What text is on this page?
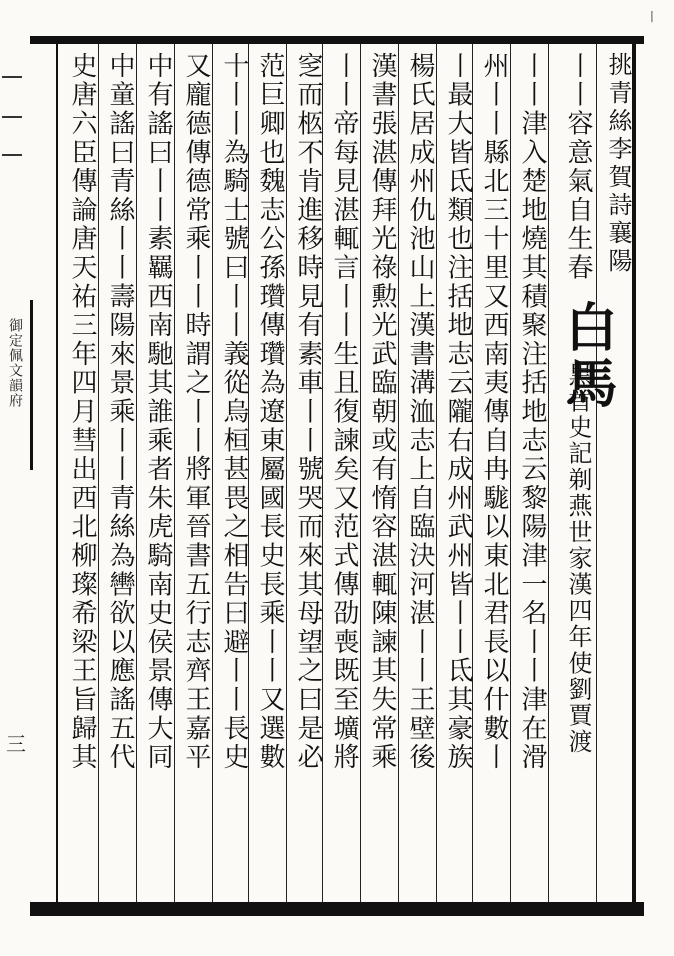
御定佩文韻府
三
丨
挑青絲李賀詩襄陽
白馬
黒首史記剃燕世家漢四年使劉賈渡
丨丨容意氣自生春
丨丨津入楚地燒其積聚注括地志云黎陽津一名丨丨津在滑
州丨丨縣北三十里又西南夷傳自冉駹以東北君長以什數丨
丨最大皆氐類也注括地志云隴右成州武州皆丨丨氐其豪族
楊氏居成州仇池山上漢書溝洫志上自臨決河湛丨丨王壁後
漢書張湛傳拜光祿勲光武臨朝或有惰容湛輒陳諫其失常乘
丨丨帝每見湛輒言丨丨生且復諫矣又范式傳劭喪既至壙將
窆而柩不肯進移時見有素車丨丨號哭而來其母望之曰是必
范巨卿也魏志公孫瓚傳瓚為遼東屬國長史長乘丨丨又選數
十丨丨為騎士號曰丨丨義從烏桓甚畏之相告曰避丨丨長史
又龐德傳德常乘丨丨時謂之丨丨將軍晉書五行志齊王嘉平
中有謠曰丨丨素羈西南馳其誰乘者朱虎騎南史侯景傳大同
中童謠曰青絲丨丨壽陽來景乘丨丨青絲為轡欲以應謠五代
史唐六臣傳論唐天祐三年四月彗出西北柳璨希梁王旨歸其
